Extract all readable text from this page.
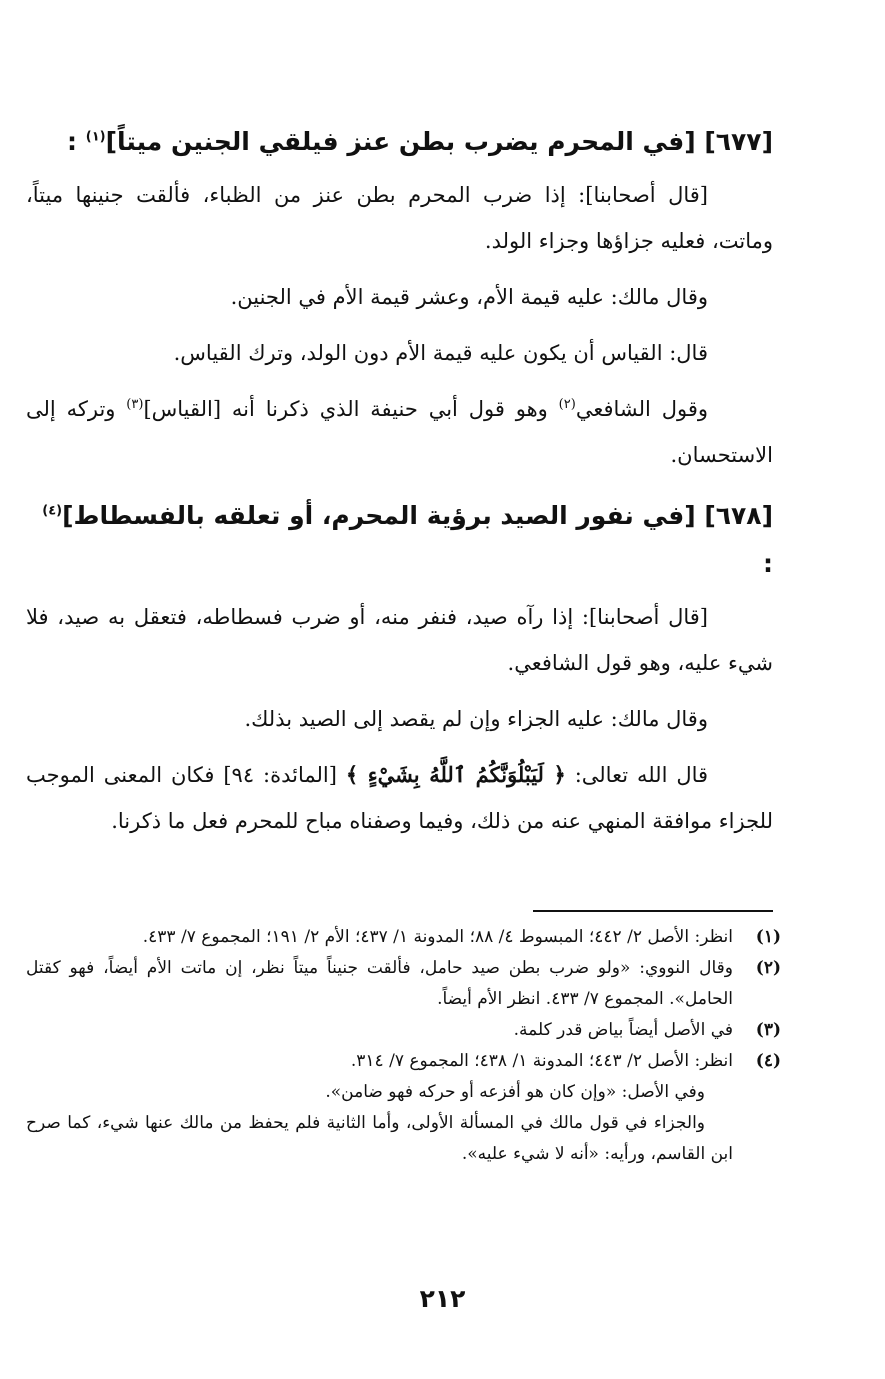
[٦٧٧] [في المحرم يضرب بطن عنز فيلقي الجنين ميتاً]$^{(١)}$ :

[قال أصحابنا]: إذا ضرب المحرم بطن عنز من الظباء، فألقت جنينها ميتاً، وماتت، فعليه جزاؤها وجزاء الولد.

وقال مالك: عليه قيمة الأم، وعشر قيمة الأم في الجنين.

قال: القياس أن يكون عليه قيمة الأم دون الولد، وترك القياس.

وقول الشافعي$^{(٢)}$ وهو قول أبي حنيفة الذي ذكرنا أنه [القياس]$^{(٣)}$ وتركه إلى الاستحسان.

[٦٧٨] [في نفور الصيد برؤية المحرم، أو تعلقه بالفسطاط]$^{(٤)}$ :

[قال أصحابنا]: إذا رآه صيد، فنفر منه، أو ضرب فسطاطه، فتعقل به صيد، فلا شيء عليه، وهو قول الشافعي.

وقال مالك: عليه الجزاء وإن لم يقصد إلى الصيد بذلك.

قال الله تعالى: ﴿ لَيَبْلُوَنَّكُمُ ٱللَّهُ بِشَيْءٍ ﴾ [المائدة: ٩٤] فكان المعنى الموجب للجزاء موافقة المنهي عنه من ذلك، وفيما وصفناه مباح للمحرم فعل ما ذكرنا.

(١)
انظر: الأصل ٢/ ٤٤٢؛ المبسوط ٤/ ٨٨؛ المدونة ١/ ٤٣٧؛ الأم ٢/ ١٩١؛ المجموع ٧/ ٤٣٣.
(٢)
وقال النووي: «ولو ضرب بطن صيد حامل، فألقت جنيناً ميتاً نظر، إن ماتت الأم أيضاً، فهو كقتل الحامل». المجموع ٧/ ٤٣٣. انظر الأم أيضاً.
(٣)
في الأصل أيضاً بياض قدر كلمة.
(٤)
انظر: الأصل ٢/ ٤٤٣؛ المدونة ١/ ٤٣٨؛ المجموع ٧/ ٣١٤.
وفي الأصل: «وإن كان هو أفزعه أو حركه فهو ضامن».
والجزاء في قول مالك في المسألة الأولى، وأما الثانية فلم يحفظ من مالك عنها شيء، كما صرح ابن القاسم، ورأيه: «أنه لا شيء عليه».
٢١٢
